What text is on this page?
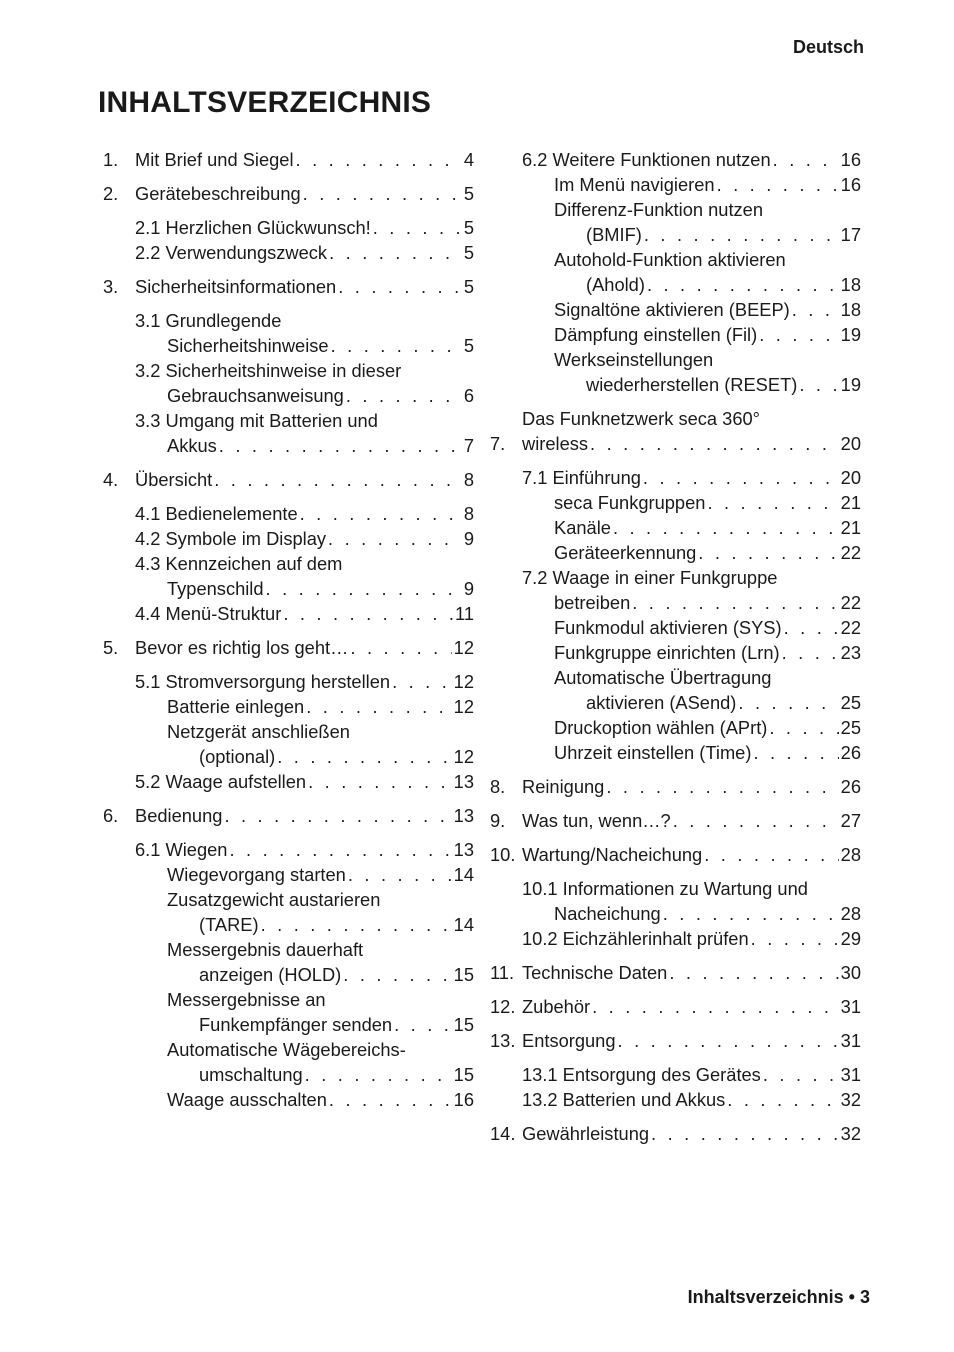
Deutsch
INHALTSVERZEICHNIS
1. Mit Brief und Siegel . . .	4
2. Gerätebeschreibung . . .	5
2.1 Herzlichen Glückwunsch! . . .	5
2.2 Verwendungszweck . . .	5
3. Sicherheitsinformationen . . .	5
3.1 Grundlegende
Sicherheitshinweise . . .	5
3.2 Sicherheitshinweise in dieser
Gebrauchsanweisung . . .	6
3.3 Umgang mit Batterien und
Akkus . . .	7
4. Übersicht . . .	8
4.1 Bedienelemente . . .	8
4.2 Symbole im Display . . .	9
4.3 Kennzeichen auf dem
Typenschild . . .	9
4.4 Menü-Struktur . . .	11
5. Bevor es richtig los geht… . . .	12
5.1 Stromversorgung herstellen . . .	12
Batterie einlegen . . .	12
Netzgerät anschließen
(optional) . . .	12
5.2 Waage aufstellen . . .	13
6. Bedienung . . .	13
6.1 Wiegen . . .	13
Wiegevorgang starten . . .	14
Zusatzgewicht austarieren
(TARE) . . .	14
Messergebnis dauerhaft
anzeigen (HOLD) . . .	15
Messergebnisse an
Funkempfänger senden . . .	15
Automatische Wägebereichs-
umschaltung . . .	15
Waage ausschalten . . .	16
6.2 Weitere Funktionen nutzen . . .	16
Im Menü navigieren . . .	16
Differenz-Funktion nutzen
(BMIF) . . .	17
Autohold-Funktion aktivieren
(Ahold) . . .	18
Signaltöne aktivieren (BEEP) . . .	18
Dämpfung einstellen (Fil) . . .	19
Werkseinstellungen
wiederherstellen (RESET) . . . 19
7.
Das Funknetzwerk seca 360°
wireless . . .	20
7.1 Einführung . . .	20
seca Funkgruppen . . .	21
Kanäle . . .	21
Geräteerkennung . . .	22
7.2 Waage in einer Funkgruppe
betreiben . . .	22
Funkmodul aktivieren (SYS) . . .	22
Funkgruppe einrichten (Lrn) . . .	23
Automatische Übertragung
aktivieren (ASend) . . .	25
Druckoption wählen (APrt) . . .	25
Uhrzeit einstellen (Time) . . .	26
8. Reinigung . . .	26
9. Was tun, wenn…? . . .	27
10. Wartung/Nacheichung . . .	28
10.1 Informationen zu Wartung und
Nacheichung . . .	28
10.2 Eichzählerinhalt prüfen . . .	29
11. Technische Daten . . .	30
12. Zubehör . . .	31
13. Entsorgung . . .	31
13.1 Entsorgung des Gerätes . . .	31
13.2 Batterien und Akkus . . .	32
14. Gewährleistung . . .	32
Inhaltsverzeichnis • 3
